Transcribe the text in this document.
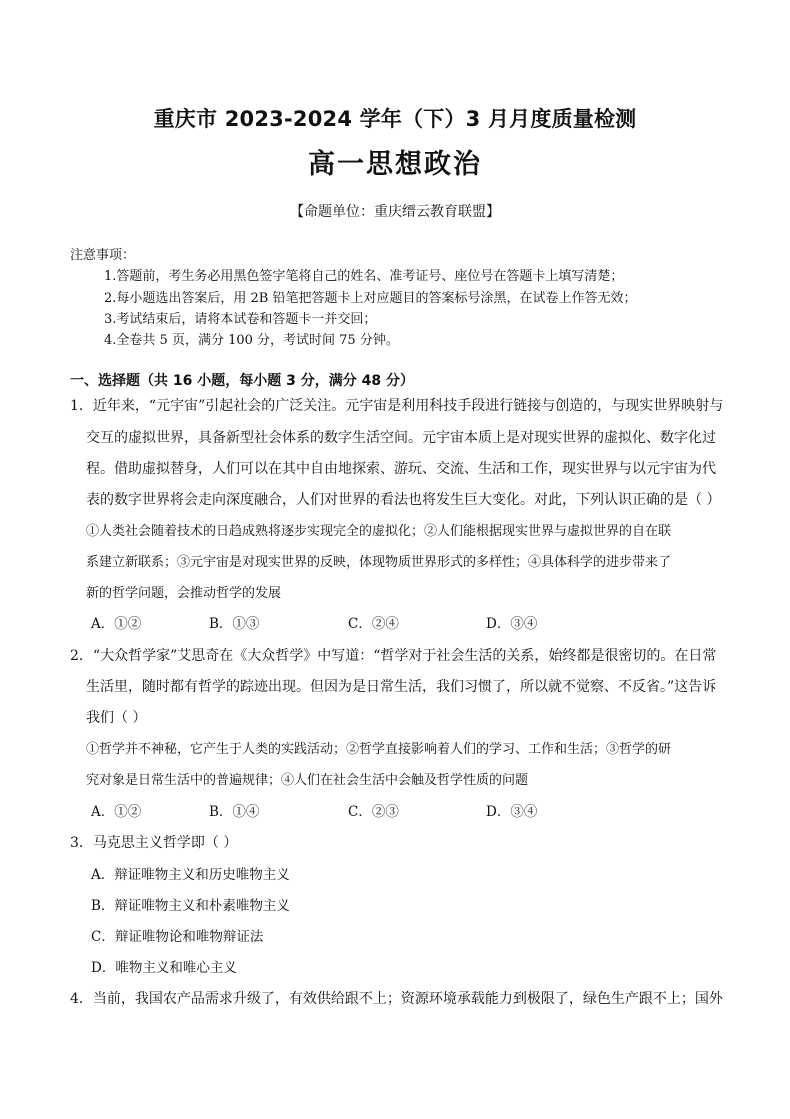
重庆市 2023-2024 学年（下）3 月月度质量检测
高一思想政治
【命题单位：重庆缙云教育联盟】
注意事项：
1.答题前，考生务必用黑色签字笔将自己的姓名、准考证号、座位号在答题卡上填写清楚；
2.每小题选出答案后，用 2B 铅笔把答题卡上对应题目的答案标号涂黑，在试卷上作答无效；
3.考试结束后，请将本试卷和答题卡一并交回；
4.全卷共 5 页，满分 100 分，考试时间 75 分钟。
一、选择题（共 16 小题，每小题 3 分，满分 48 分）
1．近年来，“元宇宙”引起社会的广泛关注。元宇宙是利用科技手段进行链接与创造的，与现实世界映射与
交互的虚拟世界，具备新型社会体系的数字生活空间。元宇宙本质上是对现实世界的虚拟化、数字化过
程。借助虚拟替身，人们可以在其中自由地探索、游玩、交流、生活和工作，现实世界与以元宇宙为代
表的数字世界将会走向深度融合，人们对世界的看法也将发生巨大变化。对此，下列认识正确的是（ ）
①人类社会随着技术的日趋成熟将逐步实现完全的虚拟化；②人们能根据现实世界与虚拟世界的自在联
系建立新联系；③元宇宙是对现实世界的反映，体现物质世界形式的多样性；④具体科学的进步带来了
新的哲学问题，会推动哲学的发展
A．①②	B．①③	C．②④	D．③④
2．“大众哲学家”艾思奇在《大众哲学》中写道：“哲学对于社会生活的关系，始终都是很密切的。在日常
生活里，随时都有哲学的踪迹出现。但因为是日常生活，我们习惯了，所以就不觉察、不反省。”这告诉
我们（ ）
①哲学并不神秘，它产生于人类的实践活动；②哲学直接影响着人们的学习、工作和生活；③哲学的研
究对象是日常生活中的普遍规律；④人们在社会生活中会触及哲学性质的问题
A．①②	B．①④	C．②③	D．③④
3．马克思主义哲学即（ ）
A．辩证唯物主义和历史唯物主义
B．辩证唯物主义和朴素唯物主义
C．辩证唯物论和唯物辩证法
D．唯物主义和唯心主义
4．当前，我国农产品需求升级了，有效供给跟不上；资源环境承载能力到极限了，绿色生产跟不上；国外
